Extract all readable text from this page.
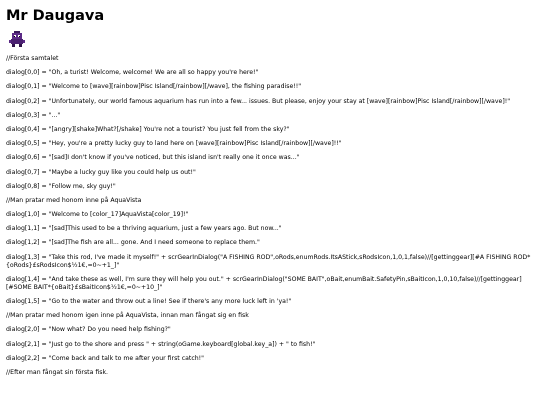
Mr Daugava
//Första samtalet
dialog[0,0] = "Oh, a turist! Welcome, welcome! We are all so happy you're here!"
dialog[0,1] = "Welcome to [wave][rainbow]Pisc Island[/rainbow][/wave], the fishing paradise!!"
dialog[0,2] = "Unfortunately, our world famous aquarium has run into a few... issues. But please, enjoy your stay at [wave][rainbow]Pisc Island[/rainbow][/wave]!"
dialog[0,3] = "..."
dialog[0,4] = "[angry][shake]What?[/shake] You're not a tourist? You just fell from the sky?"
dialog[0,5] = "Hey, you're a pretty lucky guy to land here on [wave][rainbow]Pisc Island[/rainbow][/wave]!!"
dialog[0,6] = "[sad]I don't know if you've noticed, but this island isn't really one it once was..."
dialog[0,7] = "Maybe a lucky guy like you could help us out!"
dialog[0,8] = "Follow me, sky guy!"
//Man pratar med honom inne på AquaVista
dialog[1,0] = "Welcome to [color_17]AquaVista[color_19]!"
dialog[1,1] = "[sad]This used to be a thriving aquarium, just a few years ago. But now..."
dialog[1,2] = "[sad]The fish are all... gone. And I need someone to replace them."
dialog[1,3] = "Take this rod, I've made it myself!" + scrGearInDialog("A FISHING ROD",oRods,enumRods.ItsAStick,sRodsIcon,1,0,1,false)//[gettinggear][#A FISHING ROD*{oRods}£sRodsIcon$½1€,=0~+1_]"
dialog[1,4] = "And take these as well, I'm sure they will help you out." + scrGearInDialog("SOME BAIT",oBait,enumBait.SafetyPin,sBaitIcon,1,0,10,false)//[gettinggear][#SOME BAIT*{oBait}£sBaitIcon$½1€,=0~+10_]"
dialog[1,5] = "Go to the water and throw out a line! See if there's any more luck left in 'ya!"
//Man pratar med honom igen inne på AquaVista, innan man fångat sig en fisk
dialog[2,0] = "Now what? Do you need help fishing?"
dialog[2,1] = "Just go to the shore and press " + string(oGame.keyboard[global.key_a]) + " to fish!"
dialog[2,2] = "Come back and talk to me after your first catch!"
//Efter man fångat sin första fisk.
